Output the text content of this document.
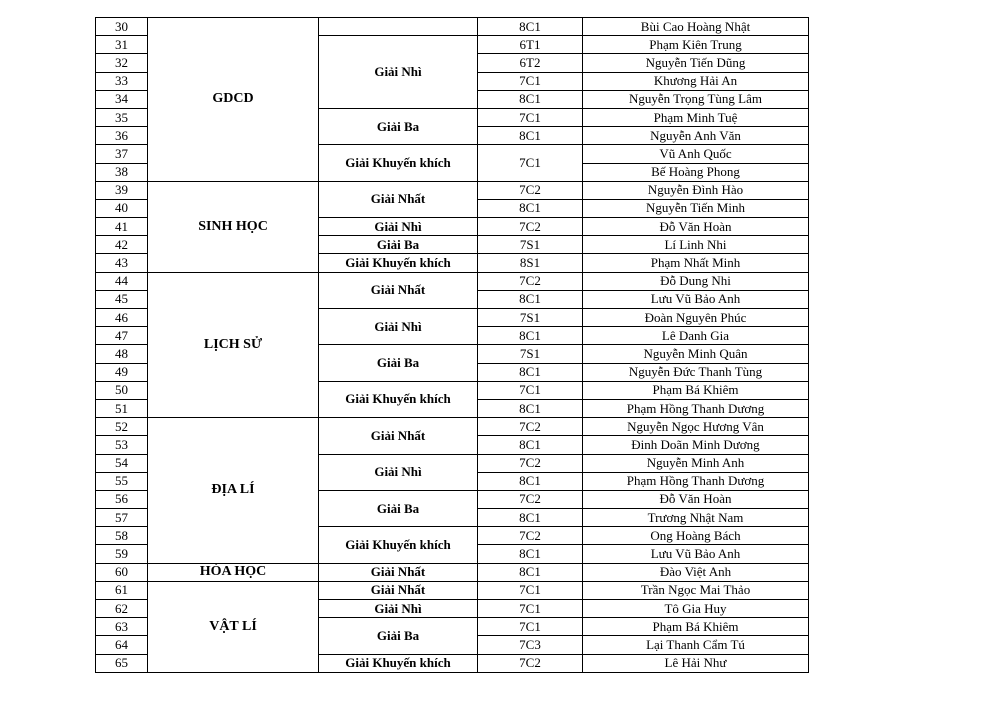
30	GDCD		8C1	Bùi Cao Hoàng Nhật
31		Giải Nhì	6T1	Phạm Kiên Trung
32			6T2	Nguyễn Tiến Dũng
33			7C1	Khương Hải An
34			8C1	Nguyễn Trọng Tùng Lâm
35		Giải Ba	7C1	Phạm Minh Tuệ
36			8C1	Nguyễn Anh Văn
37		Giải Khuyến khích	7C1	Vũ Anh Quốc
38				Bế Hoàng Phong
39	SINH HỌC	Giải Nhất	7C2	Nguyễn Đình Hào
40			8C1	Nguyễn Tiến Minh
41		Giải Nhì	7C2	Đỗ Văn Hoàn
42		Giải Ba	7S1	Lí Linh Nhi
43		Giải Khuyến khích	8S1	Phạm Nhất Minh
44	LỊCH SỬ	Giải Nhất	7C2	Đỗ Dung Nhi
45			8C1	Lưu Vũ Bảo Anh
46		Giải Nhì	7S1	Đoàn Nguyên Phúc
47			8C1	Lê Danh Gia
48		Giải Ba	7S1	Nguyễn Minh Quân
49			8C1	Nguyễn Đức Thanh Tùng
50		Giải Khuyến khích	7C1	Phạm Bá Khiêm
51			8C1	Phạm Hồng Thanh Dương
52	ĐỊA LÍ	Giải Nhất	7C2	Nguyễn Ngọc Hương Vân
53			8C1	Đinh Doãn Minh Dương
54		Giải Nhì	7C2	Nguyễn Minh Anh
55			8C1	Phạm Hồng Thanh Dương
56		Giải Ba	7C2	Đỗ Văn Hoàn
57			8C1	Trương Nhật Nam
58		Giải Khuyến khích	7C2	Ong Hoàng Bách
59			8C1	Lưu Vũ Bảo Anh
60	HÓA HỌC	Giải Nhất	8C1	Đào Việt Anh
61	VẬT LÍ	Giải Nhất	7C1	Trần Ngọc Mai Thảo
62		Giải Nhì	7C1	Tô Gia Huy
63		Giải Ba	7C1	Phạm Bá Khiêm
64			7C3	Lại Thanh Cẩm Tú
65		Giải Khuyến khích	7C2	Lê Hải Như
